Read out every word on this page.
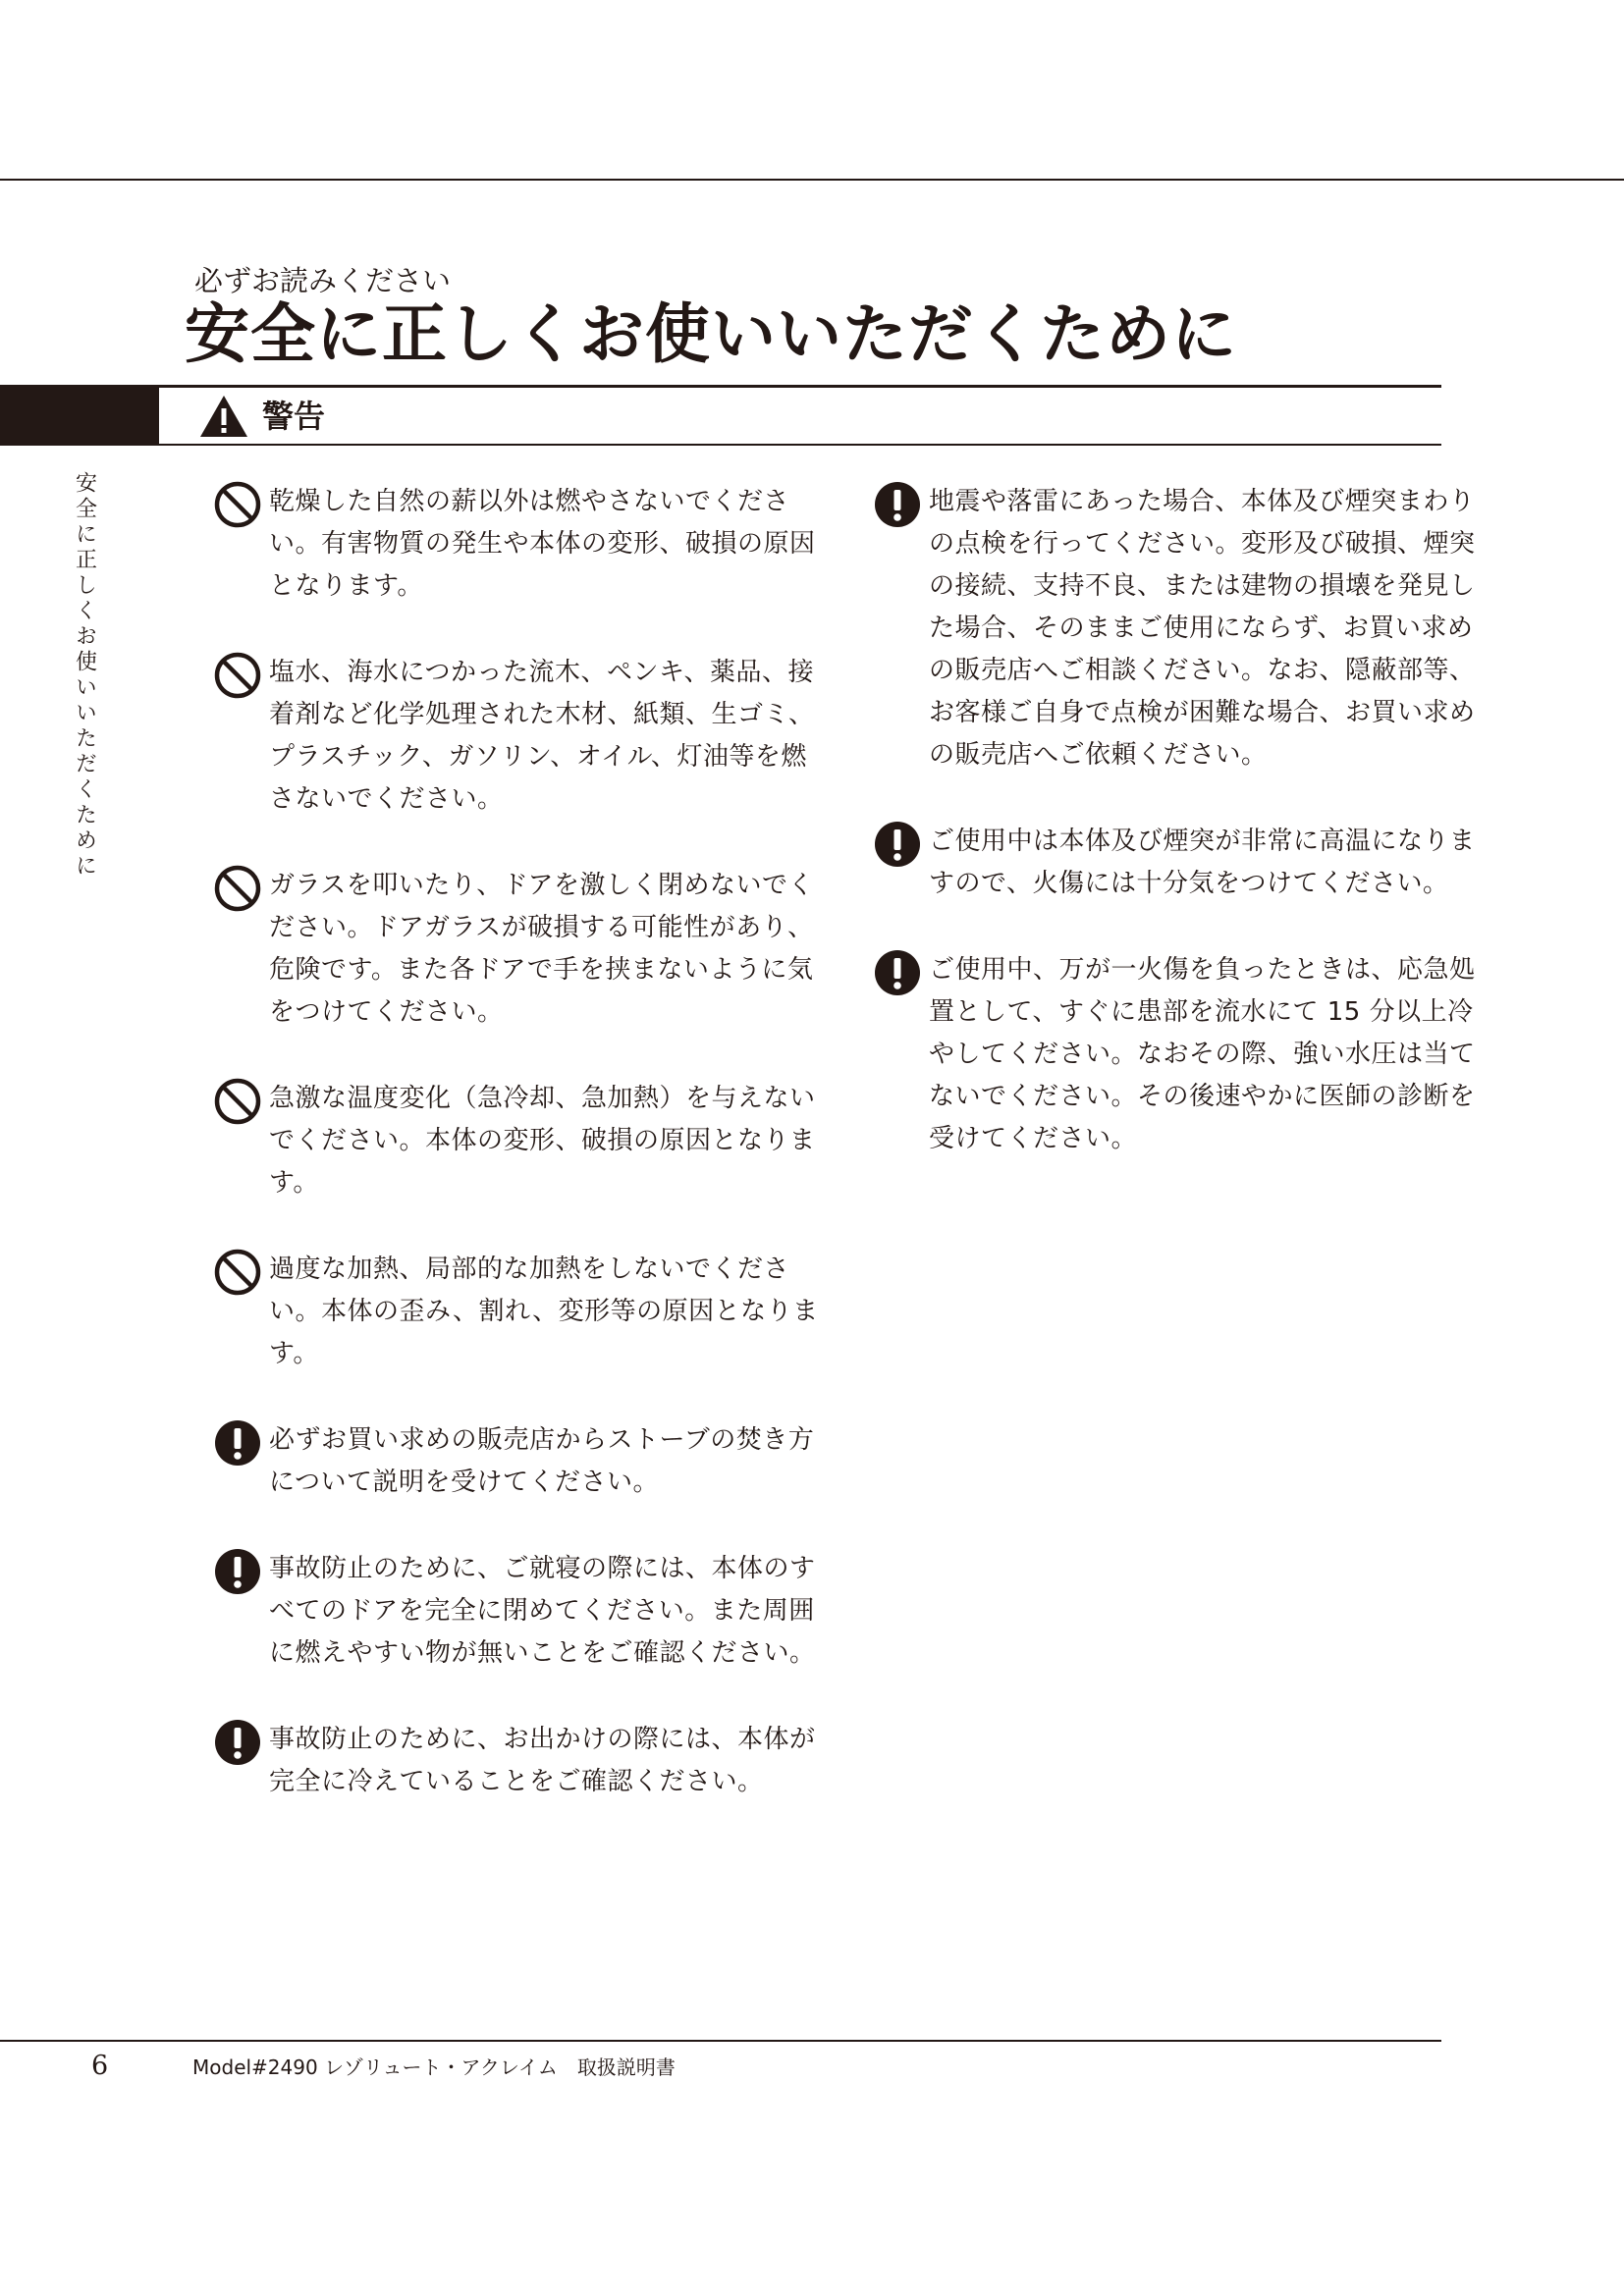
必ずお読みください
安全に正しくお使いいただくために
警告
安全に正しくお使いいただくために	乾燥した自然の薪以外は燃やさないでください。有害物質の発生や本体の変形、破損の原因となります。

塩水、海水につかった流木、ペンキ、薬品、接着剤など化学処理された木材、紙類、生ゴミ、プラスチック、ガソリン、オイル、灯油等を燃さないでください。

ガラスを叩いたり、ドアを激しく閉めないでください。ドアガラスが破損する可能性があり、危険です。また各ドアで手を挟まないように気をつけてください。

急激な温度変化（急冷却、急加熱）を与えないでください。本体の変形、破損の原因となります。

過度な加熱、局部的な加熱をしないでください。本体の歪み、割れ、変形等の原因となります。

必ずお買い求めの販売店からストーブの焚き方について説明を受けてください。

事故防止のために、ご就寝の際には、本体のすべてのドアを完全に閉めてください。また周囲に燃えやすい物が無いことをご確認ください。

事故防止のために、お出かけの際には、本体が完全に冷えていることをご確認ください。

地震や落雷にあった場合、本体及び煙突まわりの点検を行ってください。変形及び破損、煙突の接続、支持不良、または建物の損壊を発見した場合、そのままご使用にならず、お買い求めの販売店へご相談ください。なお、隠蔽部等、お客様ご自身で点検が困難な場合、お買い求めの販売店へご依頼ください。

ご使用中は本体及び煙突が非常に高温になりますので、火傷には十分気をつけてください。

ご使用中、万が一火傷を負ったときは、応急処置として、すぐに患部を流水にて 15 分以上冷やしてください。なおその際、強い水圧は当てないでください。その後速やかに医師の診断を受けてください。

6	Model#2490 レゾリュート・アクレイム　取扱説明書
